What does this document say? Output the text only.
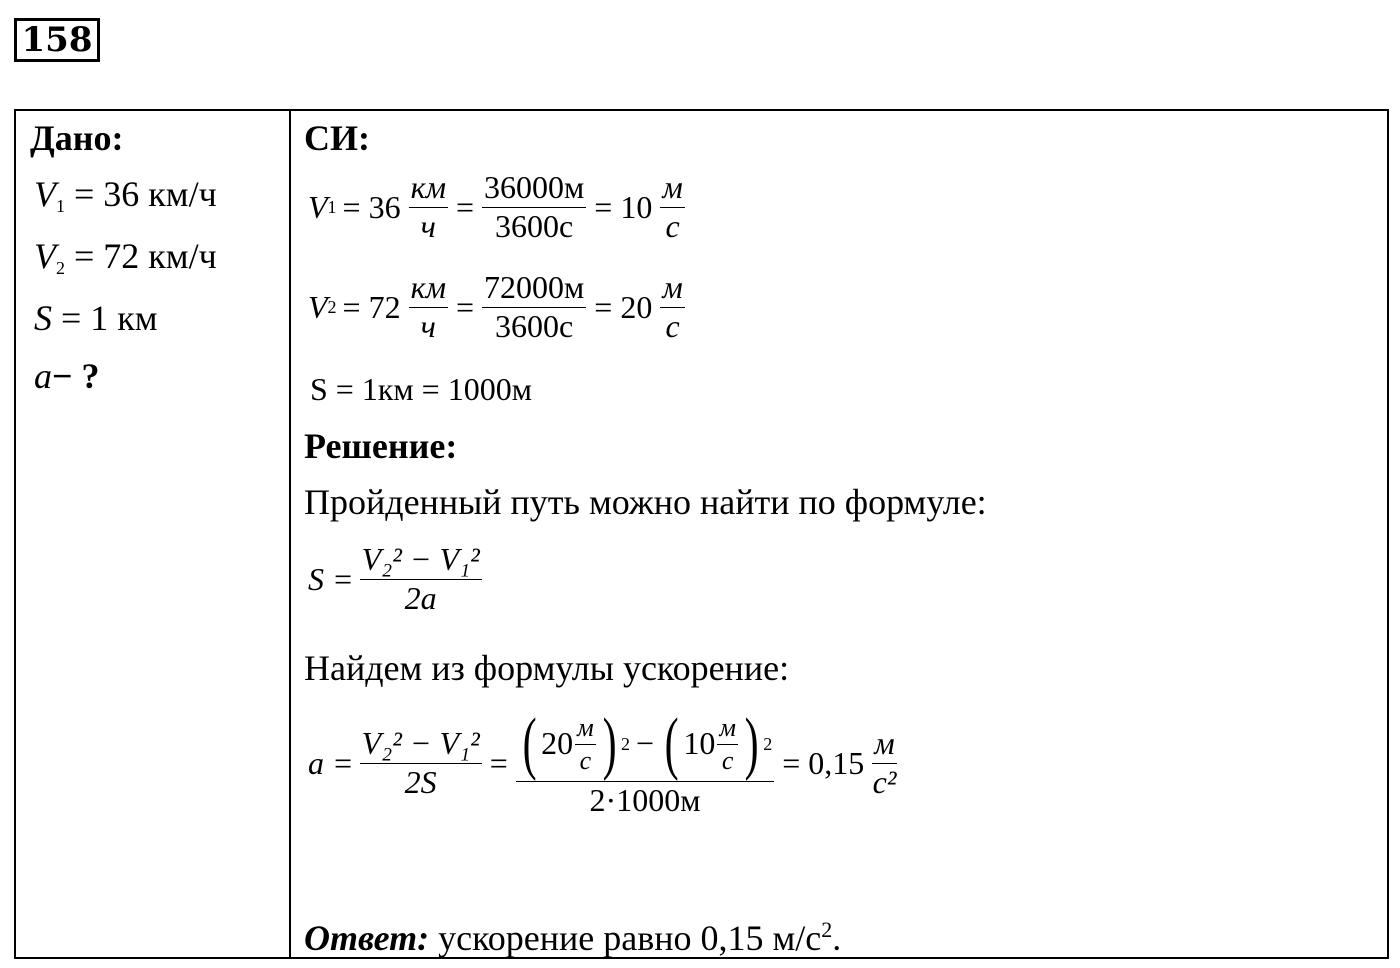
158
Дано:
$V_1 = 36$ км/ч
$V_2 = 72$ км/ч
S = 1 км
a− ?
СИ:
V $1 = 36 \frac{км}{ч} = \frac{36000м}{3600с} = 10 \frac{м}{с}$
V $2 = 72 \frac{км}{ч} = \frac{72000м}{3600с} = 20 \frac{м}{с}$
S = 1км = 1000м
Решение:
Пройденный путь можно найти по формуле:
$S = \frac{\text{V₂² − V₁²}}{2a}$
Найдем из формулы ускорение:
$a = \frac{\text{V₂² − V₁²}}{2S}$ = ( $20 \frac{м}{с}$ ) 2 − ( $10 \frac{м}{с}$ ) 2
2·1000м
= $0,15 \frac{м}{\text{с²}}$
Ответ: ускорение равно 0,15 $м/с^2$.
